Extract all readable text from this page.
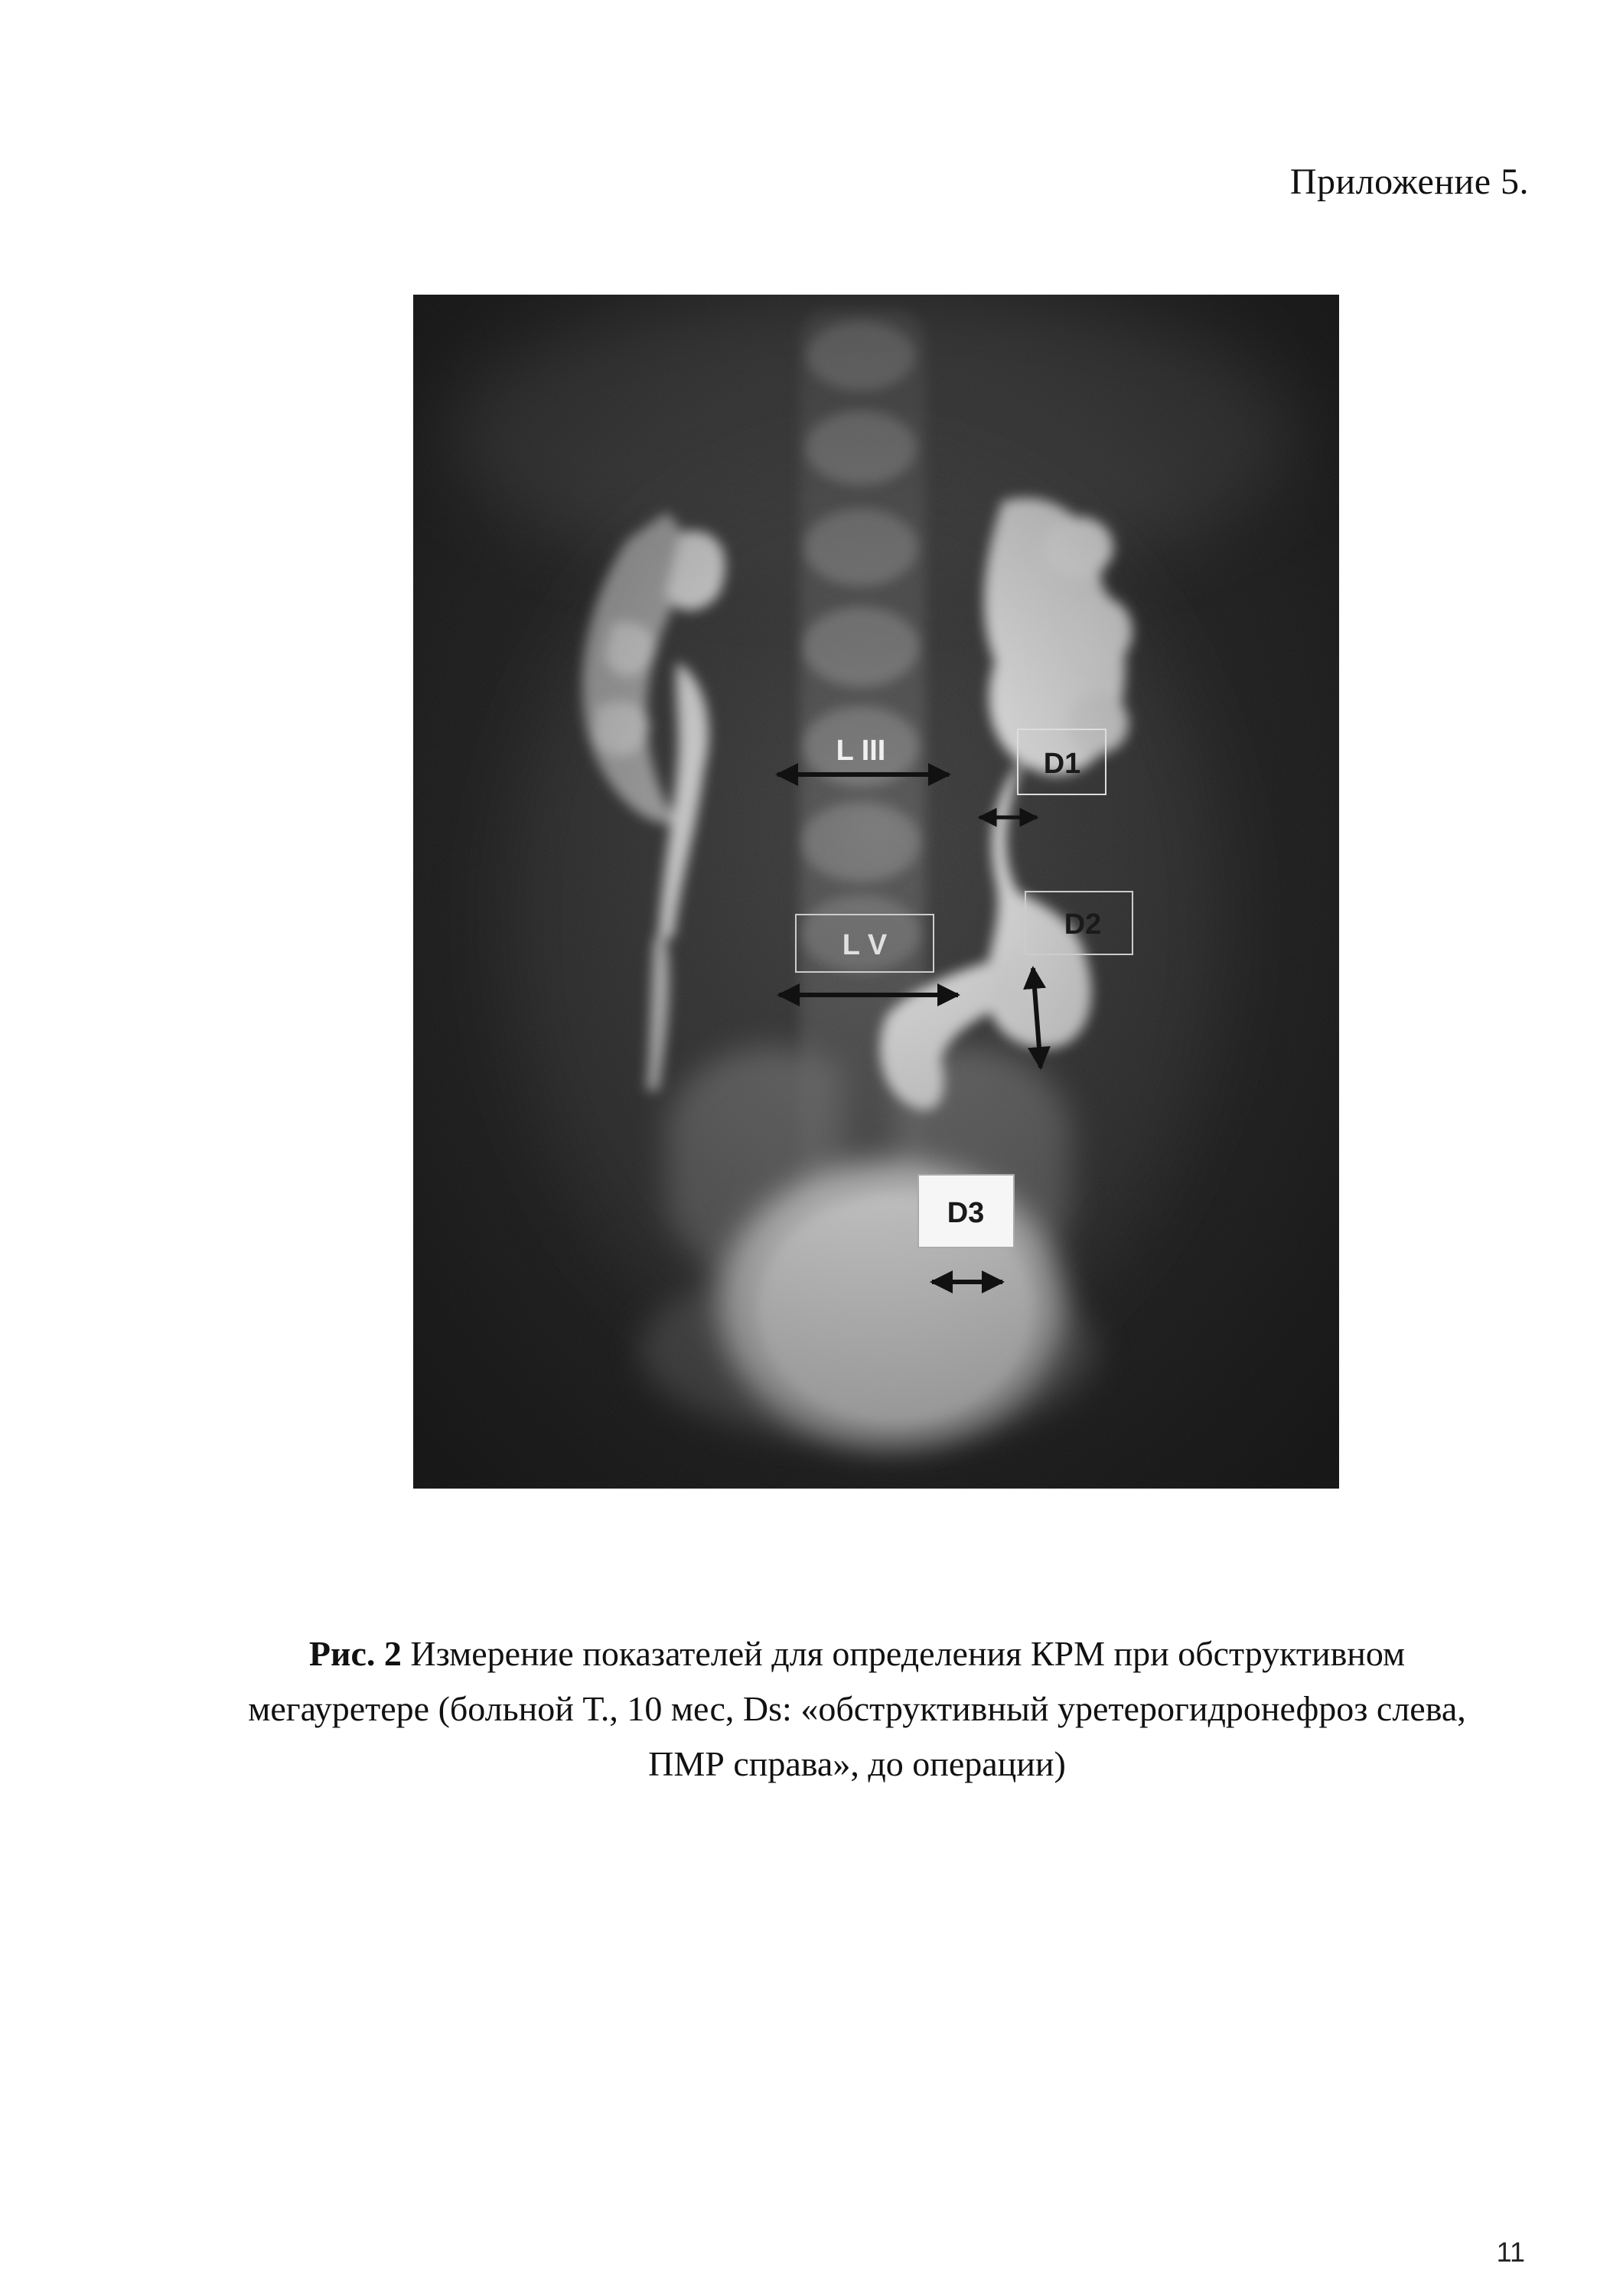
Приложение 5.
L III	D1
L V
D2
D3
Рис. 2 Измерение показателей для определения КРМ при обструктивном мегауретере (больной Т., 10 мес, Ds: «обструктивный уретерогидронефроз слева, ПМР справа», до операции)
11
